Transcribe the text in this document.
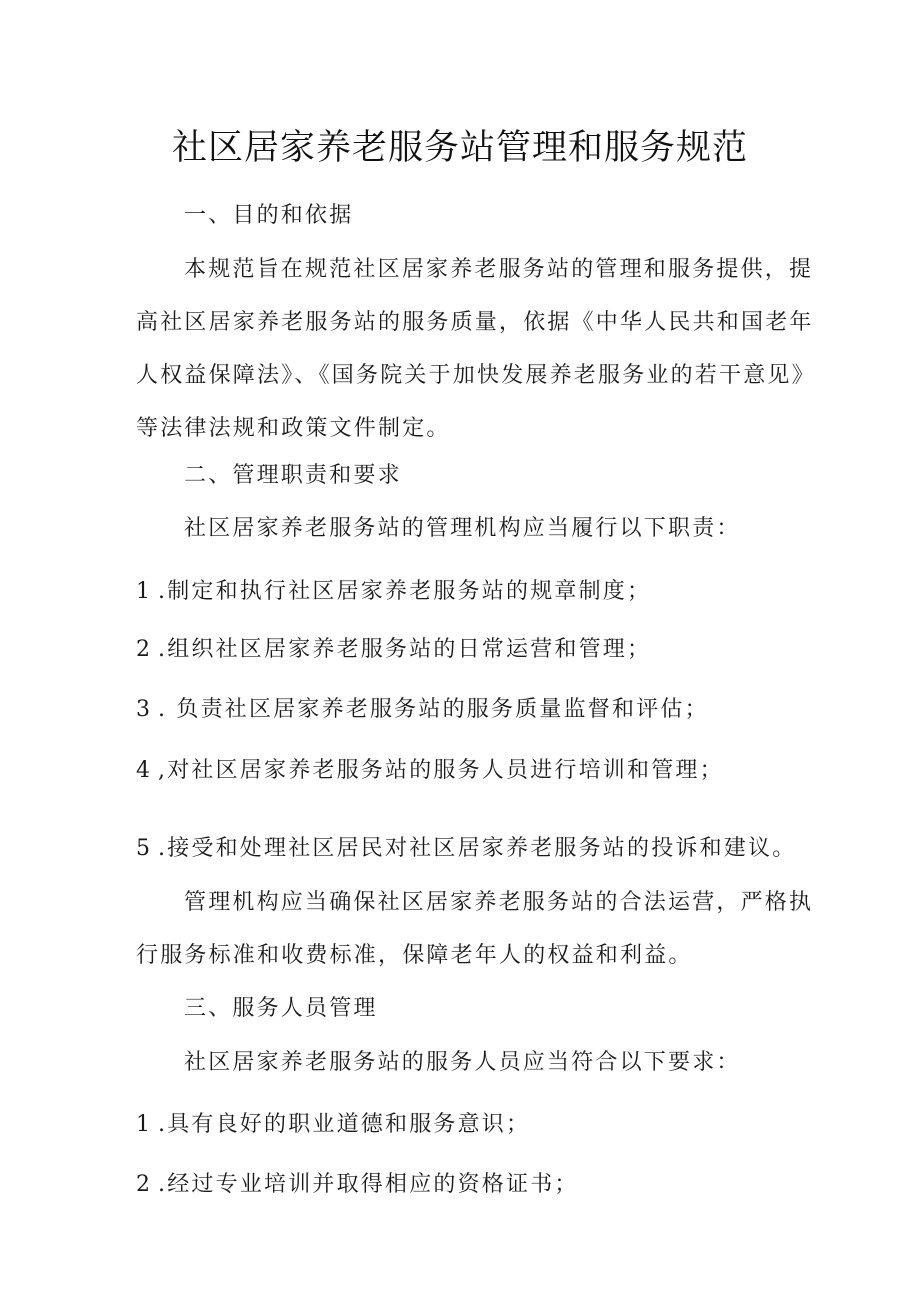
社区居家养老服务站管理和服务规范

一、目的和依据

本规范旨在规范社区居家养老服务站的管理和服务提供，提
高社区居家养老服务站的服务质量，依据《中华人民共和国老年
人权益保障法》、《国务院关于加快发展养老服务业的若干意见》
等法律法规和政策文件制定。

二、管理职责和要求

社区居家养老服务站的管理机构应当履行以下职责：

1 .制定和执行社区居家养老服务站的规章制度；

2 .组织社区居家养老服务站的日常运营和管理；

3 . 负责社区居家养老服务站的服务质量监督和评估；

4 ,对社区居家养老服务站的服务人员进行培训和管理；

5 .接受和处理社区居民对社区居家养老服务站的投诉和建议。

管理机构应当确保社区居家养老服务站的合法运营，严格执
行服务标准和收费标准，保障老年人的权益和利益。

三、服务人员管理

社区居家养老服务站的服务人员应当符合以下要求：

1 .具有良好的职业道德和服务意识；

2 .经过专业培训并取得相应的资格证书；
